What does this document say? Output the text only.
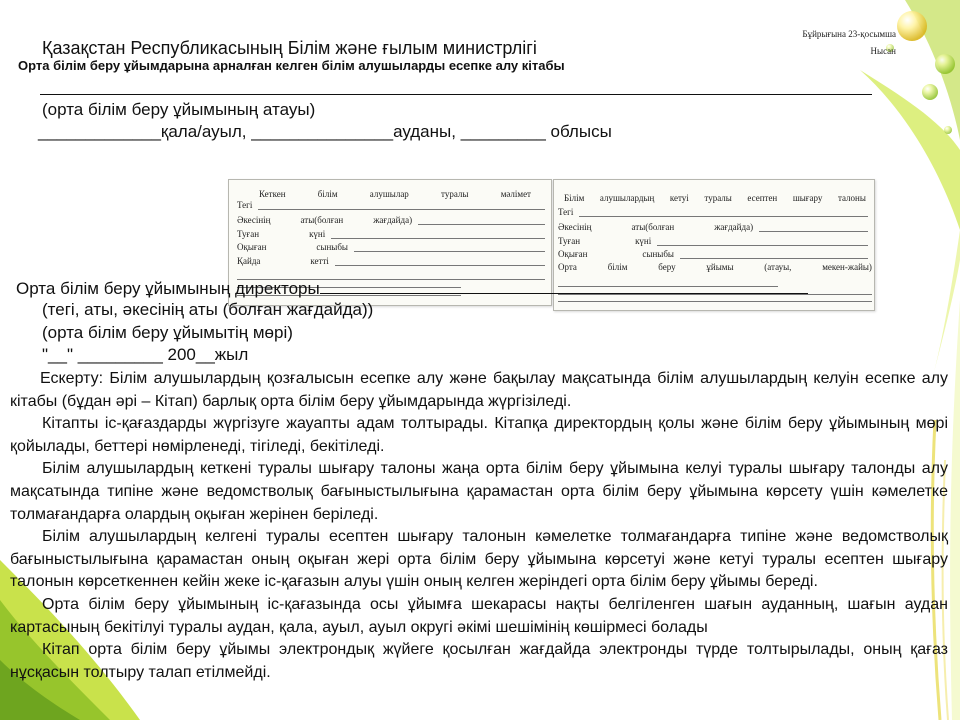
Бұйрығына 23-қосымша
Нысан
Қазақстан Республикасының Білім және ғылым министрлігі
Орта білім беру ұйымдарына арналған келген білім алушыларды есепке алу кітабы
(орта білім беру ұйымының атауы)
_____________қала/ауыл, _______________ауданы, _________ облысы
Кеткен	білім	алушылар	туралы	мәлімет
Тегі
Әкесінің	аты(болған	жағдайда)
Туған	күні
Оқыған	сыныбы
Қайда	кетті
Білім алушылардың кетуі туралы есептен шығару талоны
Тегі
Әкесінің	аты(болған	жағдайда)
Туған	күні
Оқыған	сыныбы
Орта	білім	беру	ұйымы	(атауы,	мекен-жайы)
Орта білім беру ұйымының директоры
(тегі, аты, әкесінің аты (болған жағдайда))
(орта білім беру ұйымытің мөрі)
"__" _________ 200__жыл

Ескерту: Білім алушылардың қозғалысын есепке алу және бақылау мақсатында білім алушылардың келуін есепке алу кітабы (бұдан әрі – Кітап) барлық орта білім беру ұйымдарында жүргізіледі.

Кітапты іс-қағаздарды жүргізуге жауапты адам толтырады. Кітапқа директордың қолы және білім беру ұйымының мөрі қойылады, беттері нөмірленеді, тігіледі, бекітіледі.

Білім алушылардың кеткені туралы шығару талоны жаңа орта білім беру ұйымына келуі туралы шығару талонды алу мақсатында типіне және ведомстволық бағыныстылығына қарамастан орта білім беру ұйымына көрсету үшін кәмелетке толмағандарға олардың оқыған жерінен беріледі.

Білім алушылардың келгені туралы есептен шығару талонын кәмелетке толмағандарға типіне және ведомстволық бағыныстылығына қарамастан оның оқыған жері орта білім беру ұйымына көрсетуі және кетуі туралы есептен шығару талонын көрсеткеннен кейін жеке іс-қағазын алуы үшін оның келген жеріндегі орта білім беру ұйымы береді.

Орта білім беру ұйымының іс-қағазында осы ұйымға шекарасы нақты белгіленген шағын ауданның, шағын аудан картасының бекітілуі туралы аудан, қала, ауыл, ауыл округі әкімі шешімінің көшірмесі болады

Кітап орта білім беру ұйымы электрондық жүйеге қосылған жағдайда электронды түрде толтырылады, оның қағаз нұсқасын толтыру талап етілмейді.
